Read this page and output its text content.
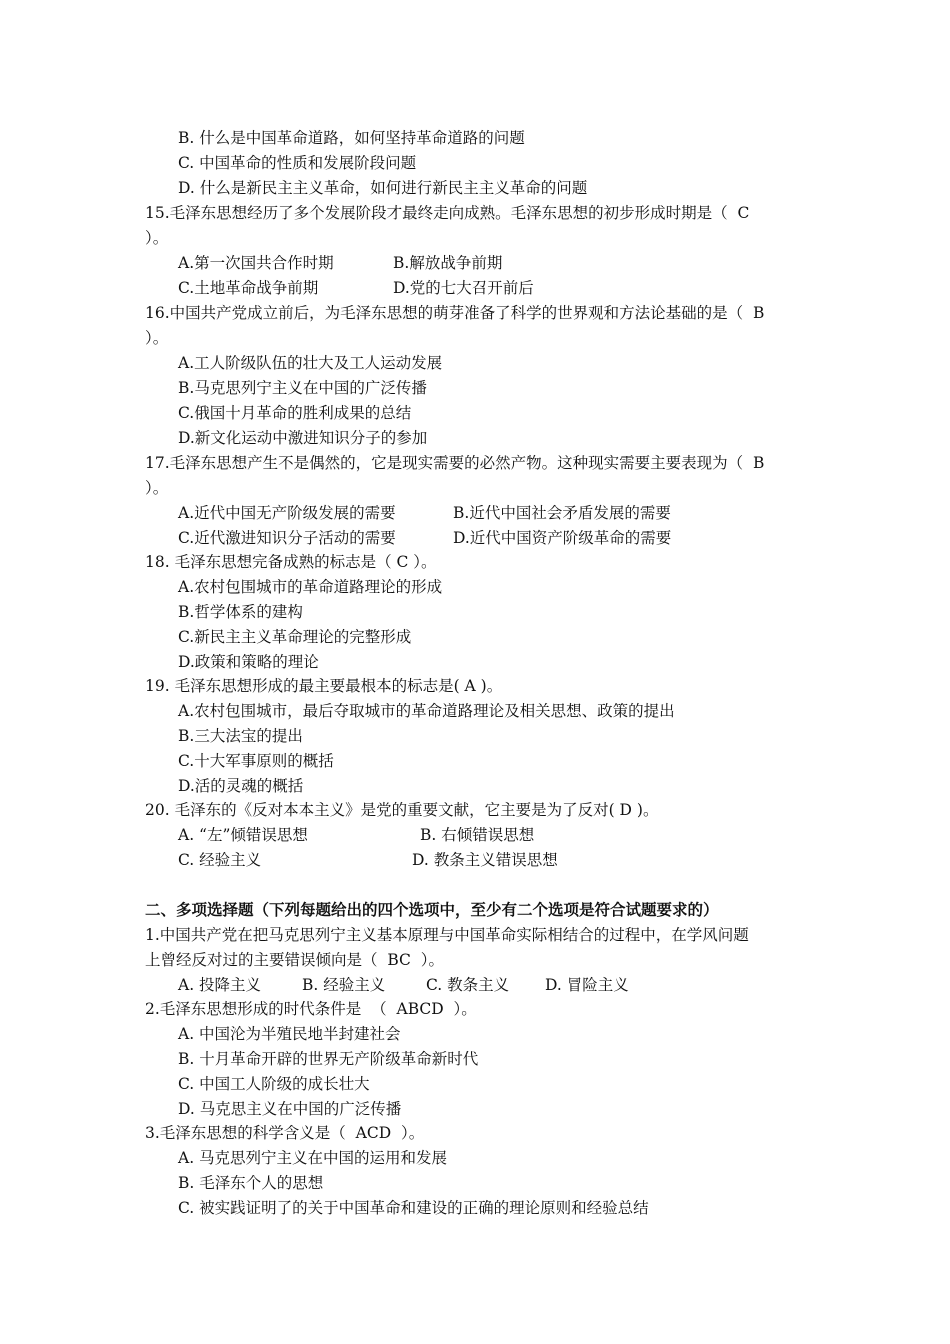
B. 什么是中国革命道路，如何坚持革命道路的问题
C. 中国革命的性质和发展阶段问题
D. 什么是新民主主义革命，如何进行新民主主义革命的问题
15.毛泽东思想经历了多个发展阶段才最终走向成熟。毛泽东思想的初步形成时期是（  C
）。
A.第一次国共合作时期	B.解放战争前期
C.土地革命战争前期	D.党的七大召开前后
16.中国共产党成立前后，为毛泽东思想的萌芽准备了科学的世界观和方法论基础的是（  B
）。
A.工人阶级队伍的壮大及工人运动发展
B.马克思列宁主义在中国的广泛传播
C.俄国十月革命的胜利成果的总结
D.新文化运动中激进知识分子的参加
17.毛泽东思想产生不是偶然的，它是现实需要的必然产物。这种现实需要主要表现为（  B
）。
A.近代中国无产阶级发展的需要	B.近代中国社会矛盾发展的需要
C.近代激进知识分子活动的需要	D.近代中国资产阶级革命的需要
18. 毛泽东思想完备成熟的标志是（ C ）。
A.农村包围城市的革命道路理论的形成
B.哲学体系的建构
C.新民主主义革命理论的完整形成
D.政策和策略的理论
19. 毛泽东思想形成的最主要最根本的标志是( A )。
A.农村包围城市，最后夺取城市的革命道路理论及相关思想、政策的提出
B.三大法宝的提出
C.十大军事原则的概括
D.活的灵魂的概括
20. 毛泽东的《反对本本主义》是党的重要文献，它主要是为了反对( D )。
A. “左”倾错误思想	B. 右倾错误思想
C. 经验主义	D. 教条主义错误思想
二、多项选择题（下列每题给出的四个选项中，至少有二个选项是符合试题要求的）
1.中国共产党在把马克思列宁主义基本原理与中国革命实际相结合的过程中，在学风问题
上曾经反对过的主要错误倾向是（  BC  ）。
A. 投降主义	B. 经验主义	C. 教条主义 D. 冒险主义
2.毛泽东思想形成的时代条件是  （  ABCD  ）。
A. 中国沦为半殖民地半封建社会
B. 十月革命开辟的世界无产阶级革命新时代
C. 中国工人阶级的成长壮大
D. 马克思主义在中国的广泛传播
3.毛泽东思想的科学含义是（  ACD  ）。
A. 马克思列宁主义在中国的运用和发展
B. 毛泽东个人的思想
C. 被实践证明了的关于中国革命和建设的正确的理论原则和经验总结
